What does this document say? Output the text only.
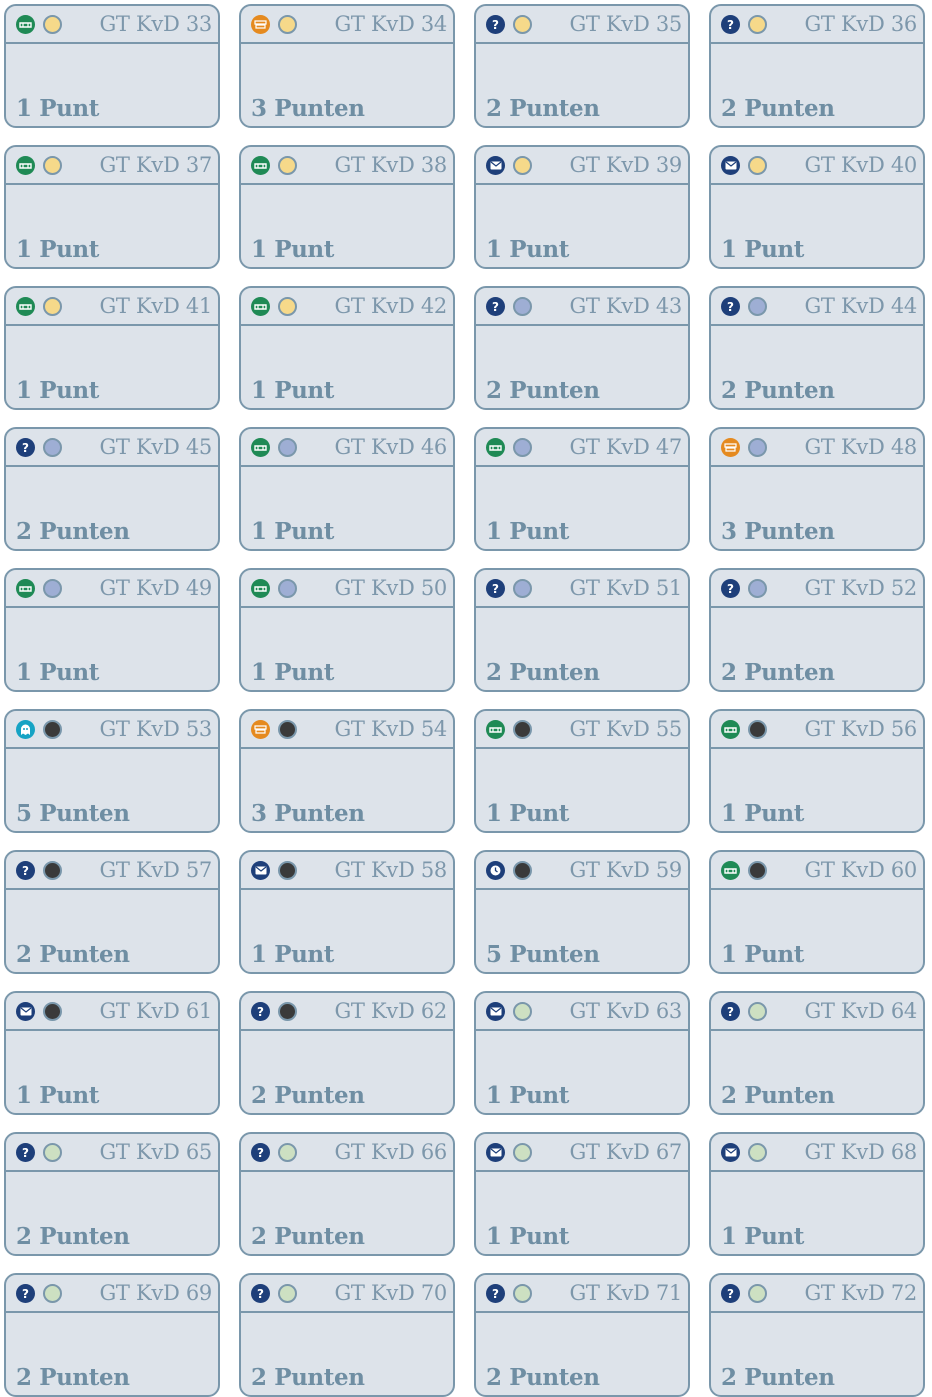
GT KvD 33
1 Punt
GT KvD 34
3 Punten
?	GT KvD 35
2 Punten
?	GT KvD 36
2 Punten
GT KvD 37
1 Punt
GT KvD 38
1 Punt
GT KvD 39
1 Punt
GT KvD 40
1 Punt
GT KvD 41
1 Punt
GT KvD 42
1 Punt
?	GT KvD 43
2 Punten
?	GT KvD 44
2 Punten
?	GT KvD 45
2 Punten
GT KvD 46
1 Punt
GT KvD 47
1 Punt
GT KvD 48
3 Punten
GT KvD 49
1 Punt
GT KvD 50
1 Punt
?	GT KvD 51
2 Punten
?	GT KvD 52
2 Punten
GT KvD 53
5 Punten
GT KvD 54
3 Punten
GT KvD 55
1 Punt
GT KvD 56
1 Punt
?	GT KvD 57
2 Punten
GT KvD 58
1 Punt
GT KvD 59
5 Punten
GT KvD 60
1 Punt
GT KvD 61
1 Punt
?	GT KvD 62
2 Punten
GT KvD 63
1 Punt
?	GT KvD 64
2 Punten
?	GT KvD 65
2 Punten
?	GT KvD 66
2 Punten
GT KvD 67
1 Punt
GT KvD 68
1 Punt
?	GT KvD 69
2 Punten
?	GT KvD 70
2 Punten
?	GT KvD 71
2 Punten
?	GT KvD 72
2 Punten
